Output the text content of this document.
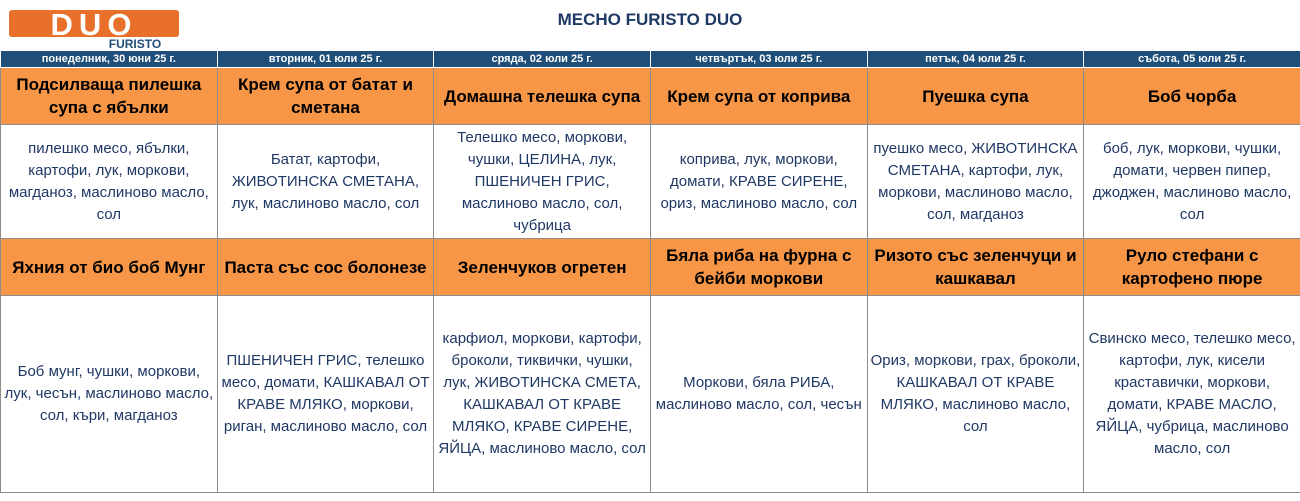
DUO
FURISTO
МЕСНО FURISTO DUO
понеделник, 30 юни 25 г.	вторник, 01 юли 25 г.	сряда, 02 юли 25 г.	четвъртък, 03 юли 25 г.	петък, 04 юли 25 г.	събота, 05 юли 25 г.
Подсилваща пилешка супа с ябълки	Крем супа от батат и сметана	Домашна телешка супа	Крем супа от коприва	Пуешка супа	Боб чорба
пилешко месо, ябълки, картофи, лук, моркови, магданоз, маслиново масло, сол	Батат, картофи, ЖИВОТИНСКА СМЕТАНА, лук, маслиново масло, сол	Телешко месо, моркови, чушки, ЦЕЛИНА, лук, ПШЕНИЧЕН ГРИС, маслиново масло, сол, чубрица	коприва, лук, моркови, домати, КРАВЕ СИРЕНЕ, ориз, маслиново масло, сол	пуешко месо, ЖИВОТИНСКА СМЕТАНА, картофи, лук, моркови, маслиново масло, сол, магданоз	боб, лук, моркови, чушки, домати, червен пипер, джоджен, маслиново масло, сол
Яхния от био боб Мунг	Паста със сос болонезе	Зеленчуков огретен	Бяла риба на фурна с бейби моркови	Ризото със зеленчуци и кашкавал	Руло стефани с картофено пюре
Боб мунг, чушки, моркови, лук, чесън, маслиново масло, сол, къри, магданоз	ПШЕНИЧЕН ГРИС, телешко месо, домати, КАШКАВАЛ ОТ КРАВЕ МЛЯКО, моркови, риган, маслиново масло, сол	карфиол, моркови, картофи, броколи, тиквички, чушки, лук, ЖИВОТИНСКА СМЕТА, КАШКАВАЛ ОТ КРАВЕ МЛЯКО, КРАВЕ СИРЕНЕ, ЯЙЦА, маслиново масло, сол	Моркови, бяла РИБА, маслиново масло, сол, чесън	Ориз, моркови, грах, броколи, КАШКАВАЛ ОТ КРАВЕ МЛЯКО, маслиново масло, сол	Свинско месо, телешко месо, картофи, лук, кисели краставички, моркови, домати, КРАВЕ МАСЛО, ЯЙЦА, чубрица, маслиново масло, сол
